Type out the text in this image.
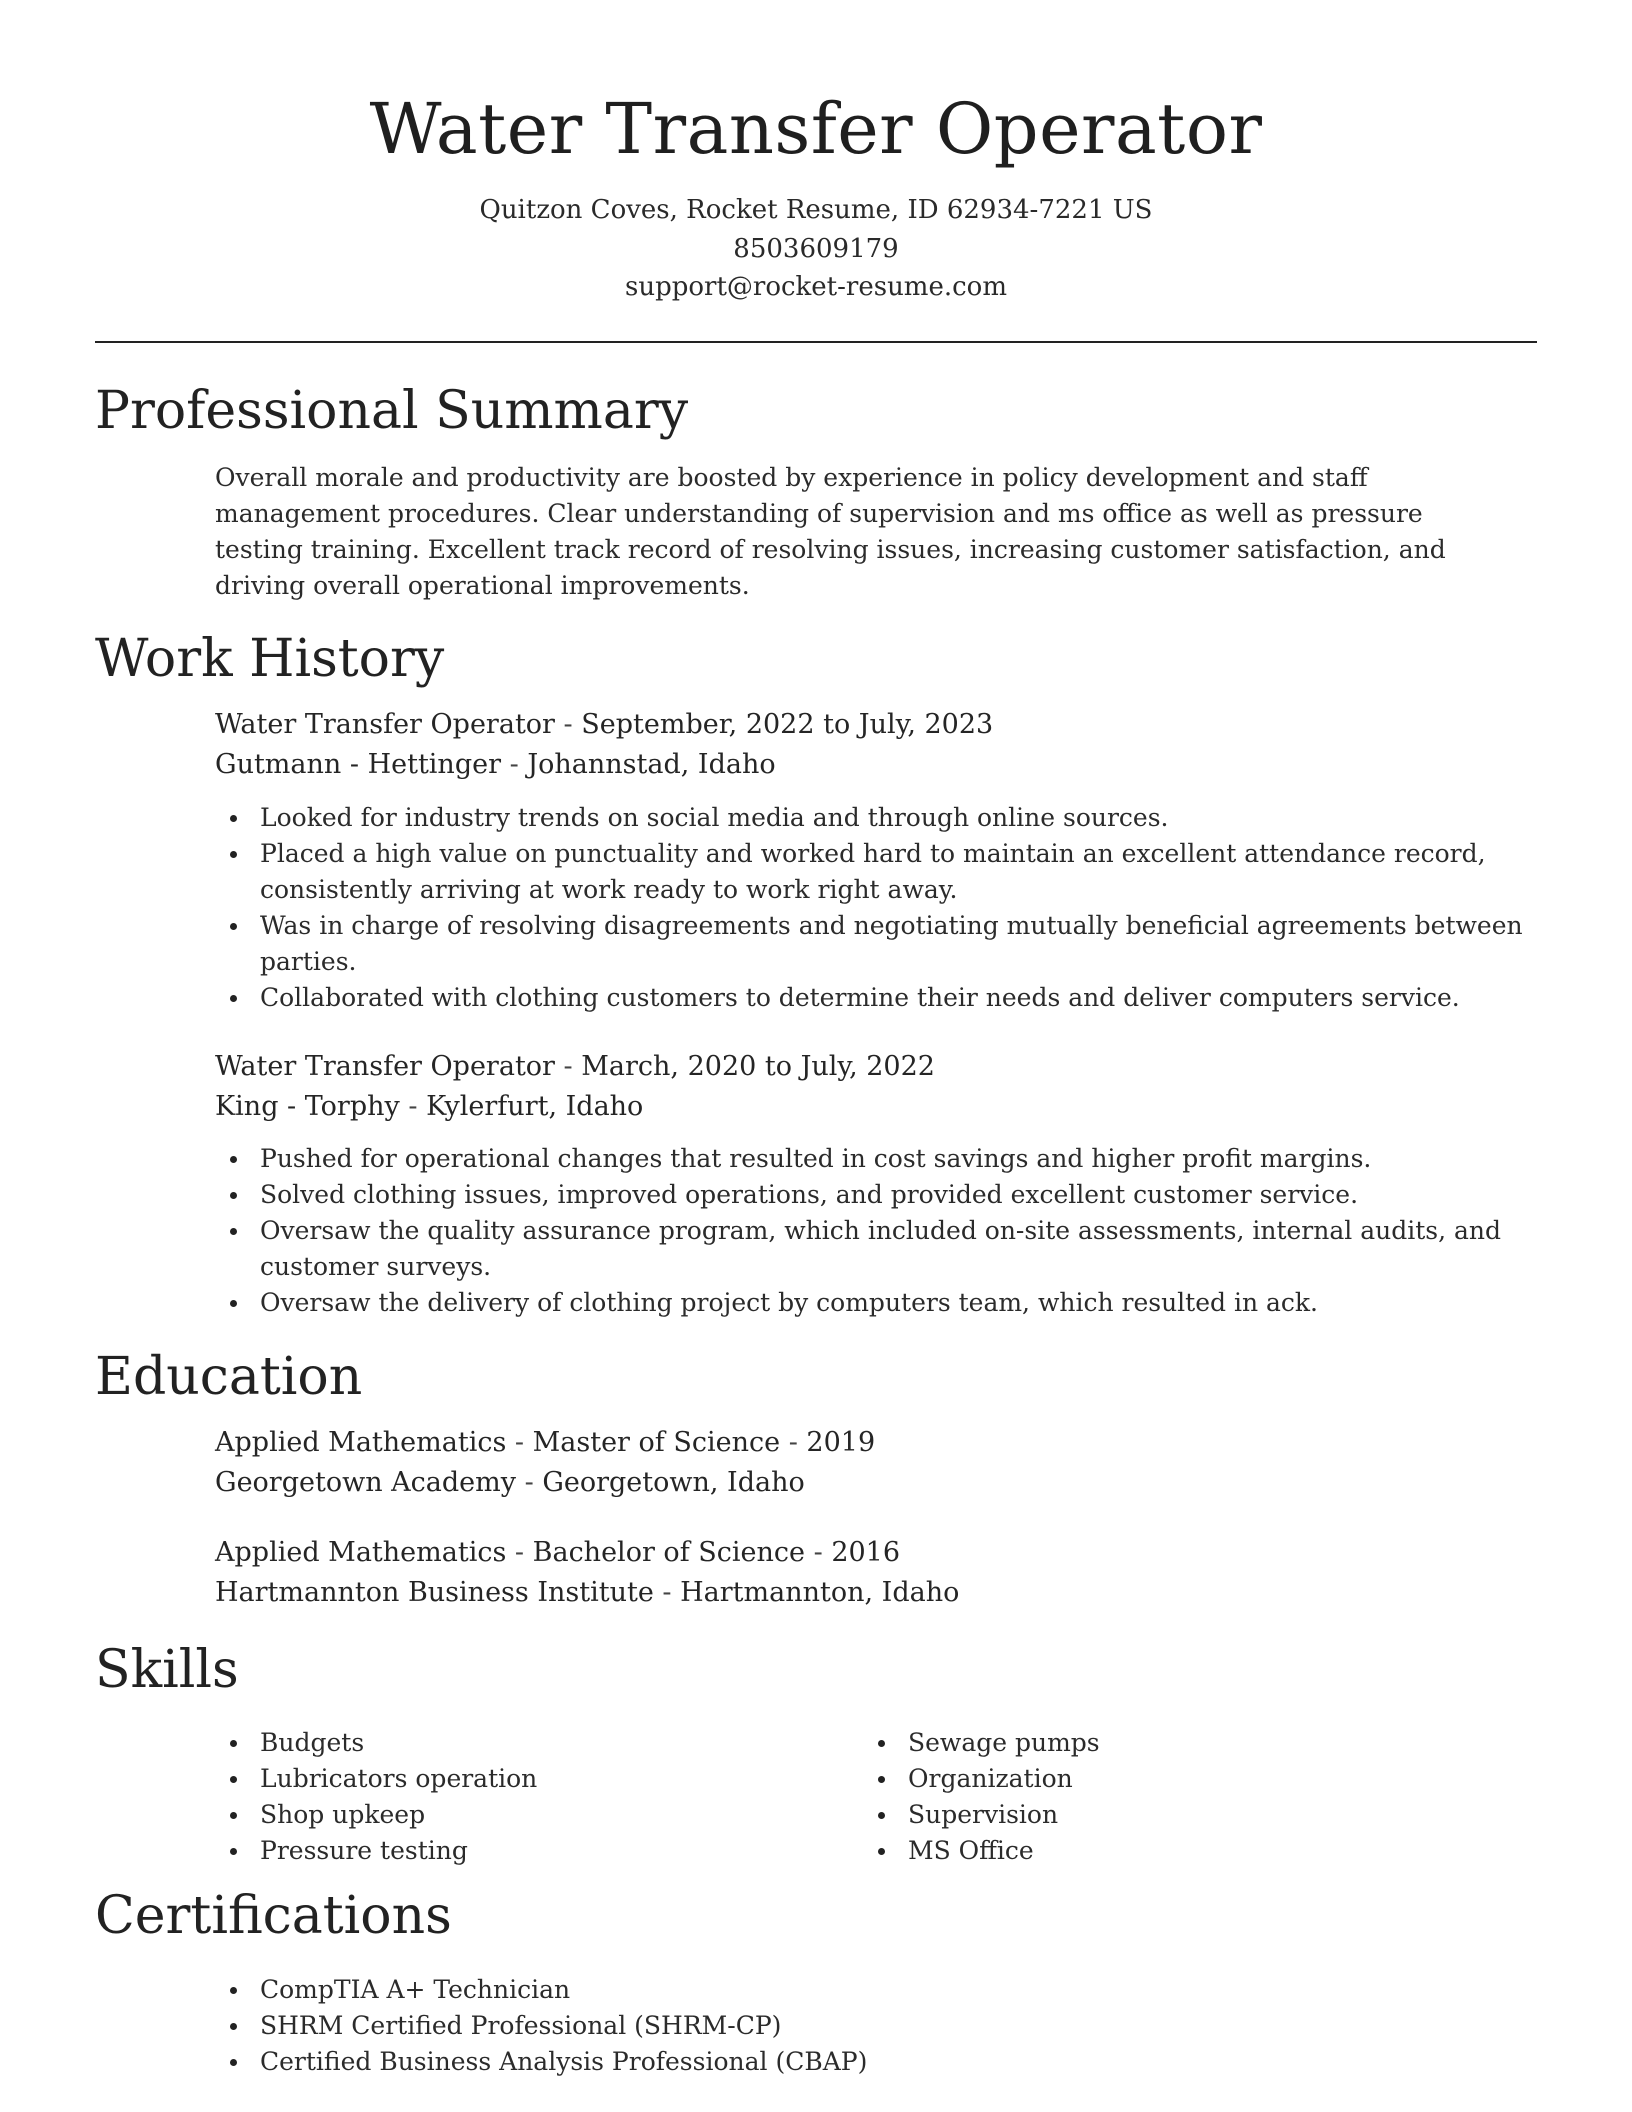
Water Transfer Operator
Quitzon Coves, Rocket Resume, ID 62934-7221 US
8503609179
support@rocket-resume.com
Professional Summary

Overall morale and productivity are boosted by experience in policy development and staff management procedures. Clear understanding of supervision and ms office as well as pressure testing training. Excellent track record of resolving issues, increasing customer satisfaction, and driving overall operational improvements.

Work History

Water Transfer Operator - September, 2022 to July, 2023

Gutmann - Hettinger - Johannstad, Idaho

Looked for industry trends on social media and through online sources.
Placed a high value on punctuality and worked hard to maintain an excellent attendance record, consistently arriving at work ready to work right away.
Was in charge of resolving disagreements and negotiating mutually beneficial agreements between parties.
Collaborated with clothing customers to determine their needs and deliver computers service.

Water Transfer Operator - March, 2020 to July, 2022

King - Torphy - Kylerfurt, Idaho

Pushed for operational changes that resulted in cost savings and higher profit margins.
Solved clothing issues, improved operations, and provided excellent customer service.
Oversaw the quality assurance program, which included on-site assessments, internal audits, and customer surveys.
Oversaw the delivery of clothing project by computers team, which resulted in ack.
Education

Applied Mathematics - Master of Science - 2019

Georgetown Academy - Georgetown, Idaho

Applied Mathematics - Bachelor of Science - 2016

Hartmannton Business Institute - Hartmannton, Idaho

Skills
Budgets
Lubricators operation
Shop upkeep
Pressure testing
Sewage pumps
Organization
Supervision
MS Office
Certifications
CompTIA A+ Technician
SHRM Certified Professional (SHRM-CP)
Certified Business Analysis Professional (CBAP)
